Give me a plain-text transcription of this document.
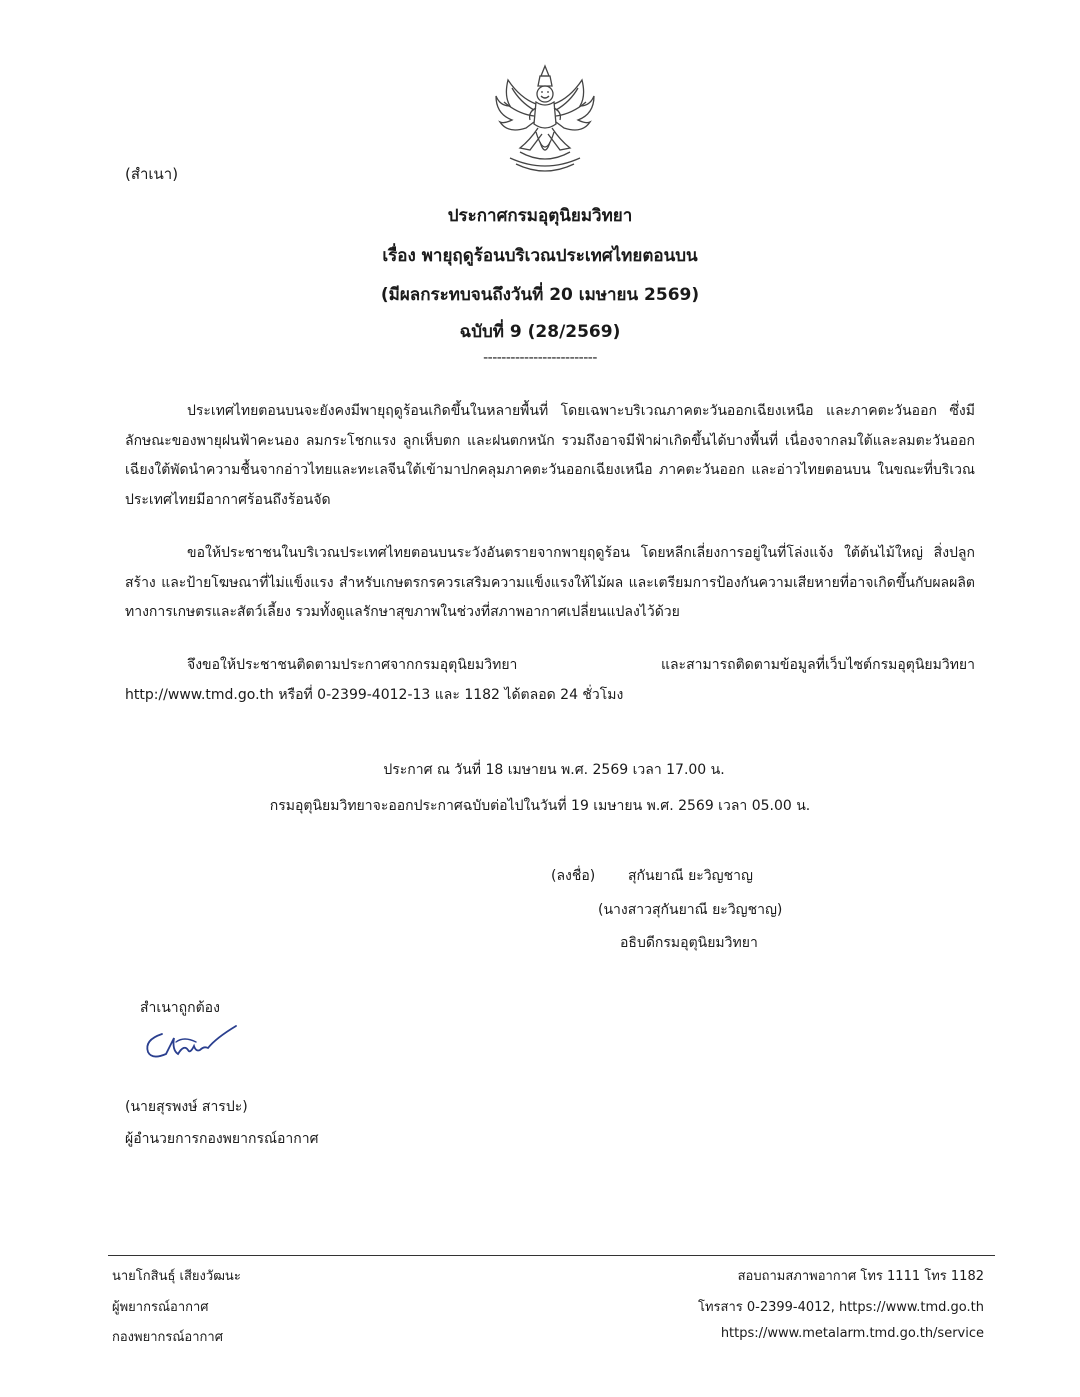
(สำเนา)
ประกาศกรมอุตุนิยมวิทยา
เรื่อง พายุฤดูร้อนบริเวณประเทศไทยตอนบน
(มีผลกระทบจนถึงวันที่ 20 เมษายน 2569)
ฉบับที่ 9 (28/2569)
-------------------------
ประเทศไทยตอนบนจะยังคงมีพายุฤดูร้อนเกิดขึ้นในหลายพื้นที่ โดยเฉพาะบริเวณภาคตะวันออกเฉียงเหนือ และภาคตะวันออก ซึ่งมีลักษณะของพายุฝนฟ้าคะนอง ลมกระโชกแรง ลูกเห็บตก และฝนตกหนัก รวมถึงอาจมีฟ้าผ่าเกิดขึ้นได้บางพื้นที่ เนื่องจากลมใต้และลมตะวันออกเฉียงใต้พัดนำความชื้นจากอ่าวไทยและทะเลจีนใต้เข้ามาปกคลุมภาคตะวันออกเฉียงเหนือ ภาคตะวันออก และอ่าวไทยตอนบน ในขณะที่บริเวณประเทศไทยมีอากาศร้อนถึงร้อนจัด
ขอให้ประชาชนในบริเวณประเทศไทยตอนบนระวังอันตรายจากพายุฤดูร้อน โดยหลีกเลี่ยงการอยู่ในที่โล่งแจ้ง ใต้ต้นไม้ใหญ่ สิ่งปลูกสร้าง และป้ายโฆษณาที่ไม่แข็งแรง สำหรับเกษตรกรควรเสริมความแข็งแรงให้ไม้ผล และเตรียมการป้องกันความเสียหายที่อาจเกิดขึ้นกับผลผลิตทางการเกษตรและสัตว์เลี้ยง รวมทั้งดูแลรักษาสุขภาพในช่วงที่สภาพอากาศเปลี่ยนแปลงไว้ด้วย
จึงขอให้ประชาชนติดตามประกาศจากกรมอุตุนิยมวิทยา และสามารถติดตามข้อมูลที่เว็บไซต์กรมอุตุนิยมวิทยา http://www.tmd.go.th หรือที่ 0-2399-4012-13 และ 1182 ได้ตลอด 24 ชั่วโมง
ประกาศ ณ วันที่ 18 เมษายน พ.ศ. 2569 เวลา 17.00 น.
กรมอุตุนิยมวิทยาจะออกประกาศฉบับต่อไปในวันที่ 19 เมษายน พ.ศ. 2569 เวลา 05.00 น.
(ลงชื่อ) สุกันยาณี ยะวิญชาญ
(นางสาวสุกันยาณี ยะวิญชาญ)
อธิบดีกรมอุตุนิยมวิทยา
สำเนาถูกต้อง
(นายสุรพงษ์ สารปะ)
ผู้อำนวยการกองพยากรณ์อากาศ
นายโกสินธุ์ เสียงวัฒนะ
ผู้พยากรณ์อากาศ
กองพยากรณ์อากาศ
สอบถามสภาพอากาศ โทร 1111 โทร 1182
โทรสาร 0-2399-4012, https://www.tmd.go.th
https://www.metalarm.tmd.go.th/service
